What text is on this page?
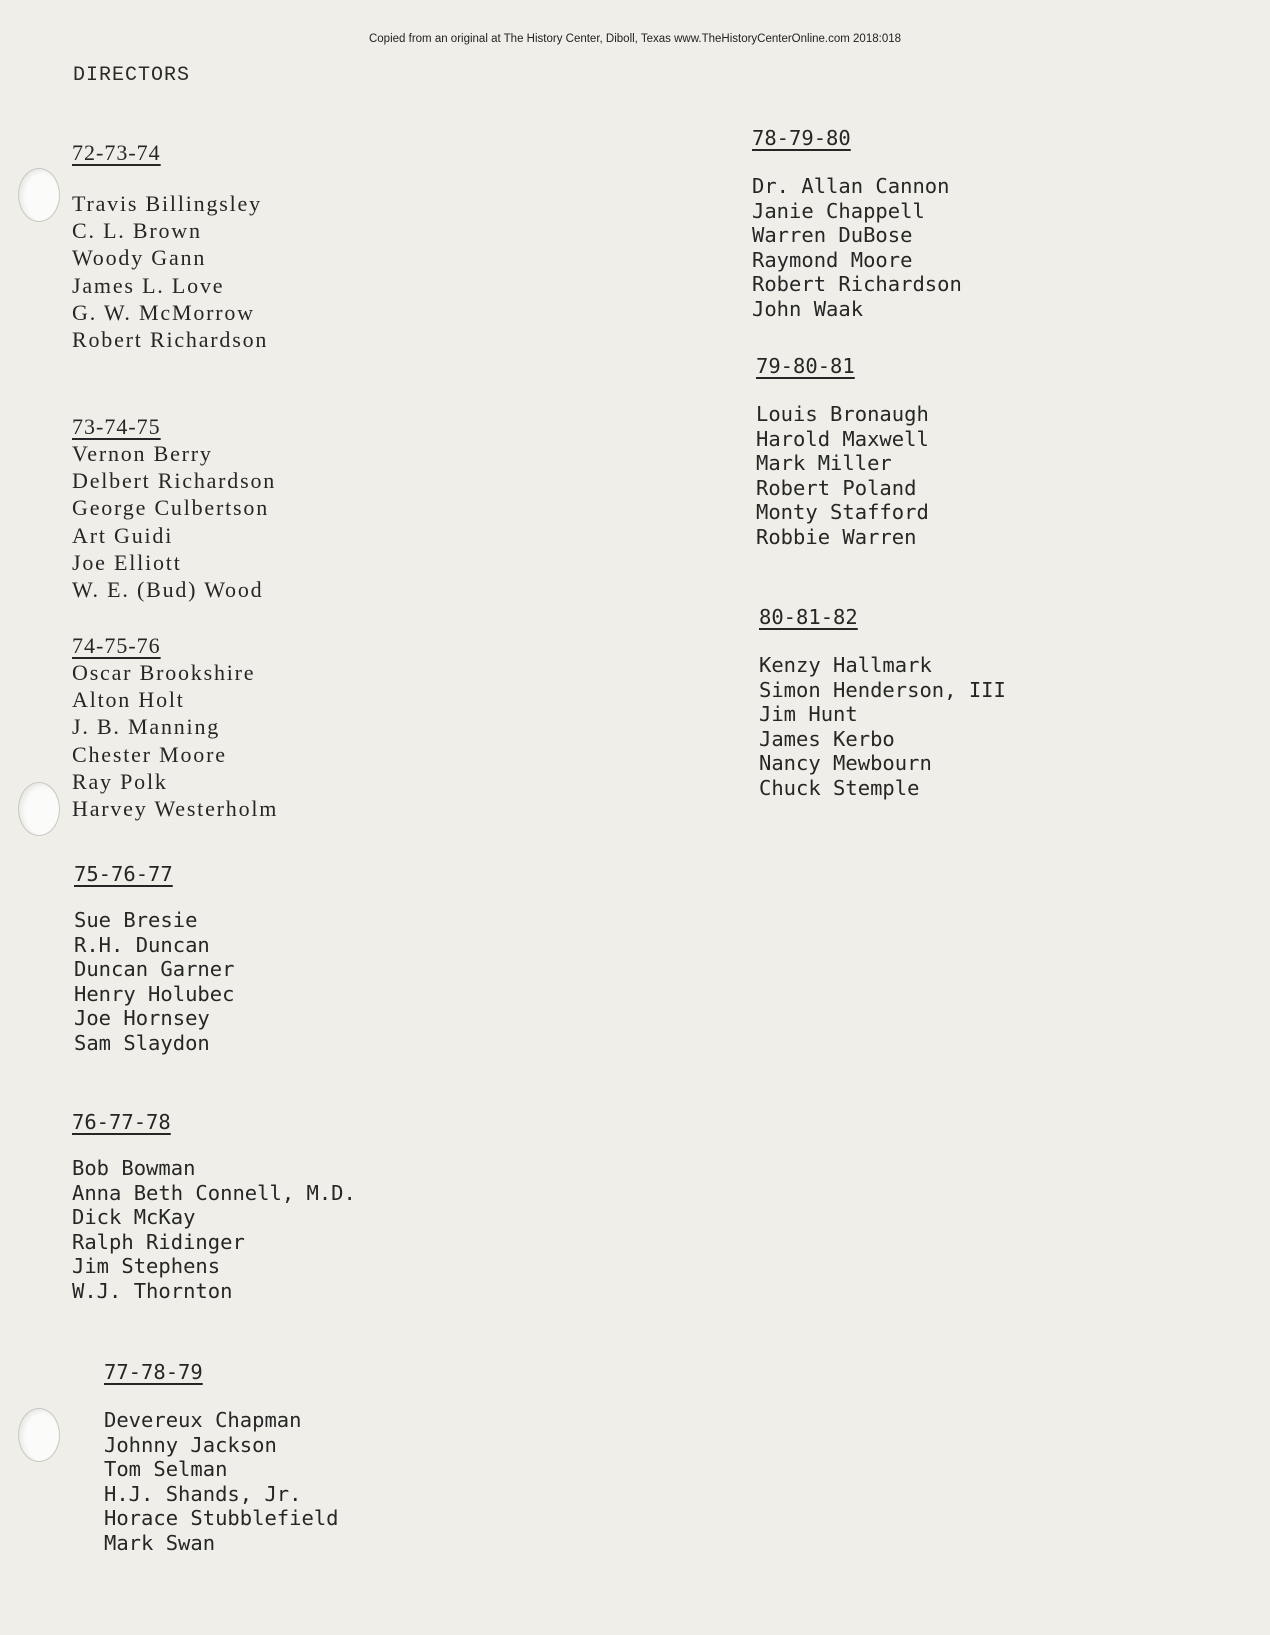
Copied from an original at The History Center, Diboll, Texas www.TheHistoryCenterOnline.com 2018:018
DIRECTORS
72-73-74
Travis Billingsley
C. L. Brown
Woody Gann
James L. Love
G. W. McMorrow
Robert Richardson
73-74-75
Vernon Berry
Delbert Richardson
George Culbertson
Art Guidi
Joe Elliott
W. E. (Bud) Wood
74-75-76
Oscar Brookshire
Alton Holt
J. B. Manning
Chester Moore
Ray Polk
Harvey Westerholm
75-76-77
Sue Bresie
R.H. Duncan
Duncan Garner
Henry Holubec
Joe Hornsey
Sam Slaydon
76-77-78
Bob Bowman
Anna Beth Connell, M.D.
Dick McKay
Ralph Ridinger
Jim Stephens
W.J. Thornton
77-78-79
Devereux Chapman
Johnny Jackson
Tom Selman
H.J. Shands, Jr.
Horace Stubblefield
Mark Swan
78-79-80
Dr. Allan Cannon
Janie Chappell
Warren DuBose
Raymond Moore
Robert Richardson
John Waak
79-80-81
Louis Bronaugh
Harold Maxwell
Mark Miller
Robert Poland
Monty Stafford
Robbie Warren
80-81-82
Kenzy Hallmark
Simon Henderson, III
Jim Hunt
James Kerbo
Nancy Mewbourn
Chuck Stemple
